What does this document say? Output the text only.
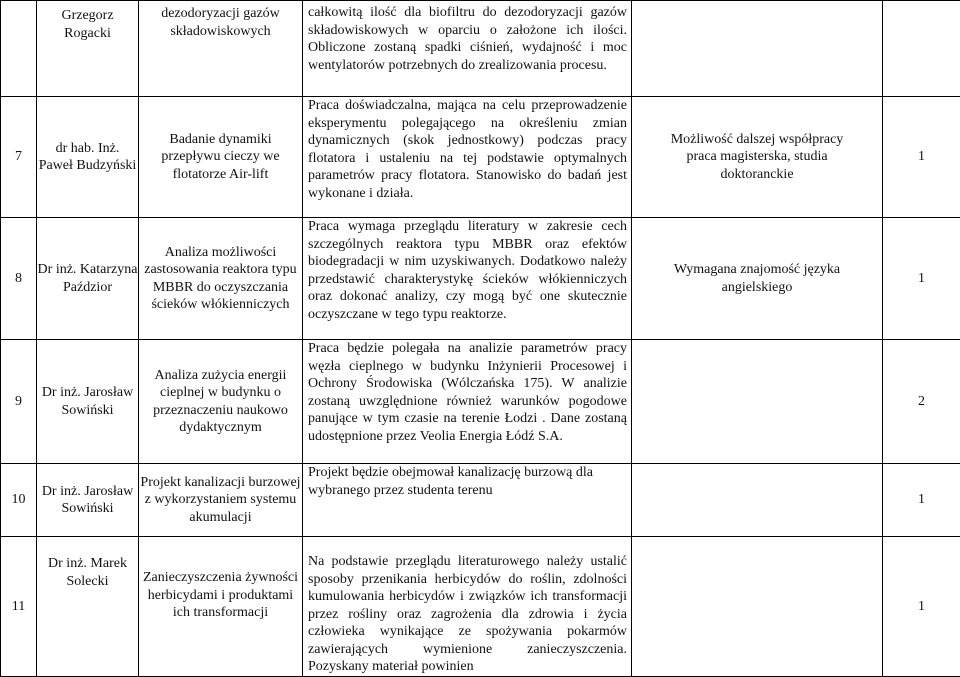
	Grzegorz Rogacki	dezodoryzacji gazów składowiskowych	całkowitą ilość dla biofiltru do dezodoryzacji gazów składowiskowych w oparciu o założone ich ilości. Obliczone zostaną spadki ciśnień, wydajność i moc wentylatorów potrzebnych do zrealizowania procesu.		

7	dr hab. Inż. Paweł Budzyński	Badanie dynamiki przepływu cieczy we flotatorze Air-lift	Praca doświadczalna, mająca na celu przeprowadzenie eksperymentu polegającego na określeniu zmian dynamicznych (skok jednostkowy) podczas pracy flotatora i ustaleniu na tej podstawie optymalnych parametrów pracy flotatora. Stanowisko do badań jest wykonane i działa.	Możliwość dalszej współpracy praca magisterska, studia doktoranckie	1
8	Dr inż. Katarzyna Paździor	Analiza możliwości zastosowania reaktora typu MBBR do oczyszczania ścieków włókienniczych	Praca wymaga przeglądu literatury w zakresie cech szczególnych reaktora typu MBBR oraz efektów biodegradacji w nim uzyskiwanych. Dodatkowo należy przedstawić charakterystykę ścieków włókienniczych oraz dokonać analizy, czy mogą być one skutecznie oczyszczane w tego typu reaktorze.	Wymagana znajomość języka angielskiego	1
9	Dr inż. Jarosław Sowiński	Analiza zużycia energii cieplnej w budynku o przeznaczeniu naukowo dydaktycznym	Praca będzie polegała na analizie parametrów pracy węzła cieplnego w budynku Inżynierii Procesowej i Ochrony Środowiska (Wólczańska 175). W analizie zostaną uwzględnione również warunków pogodowe panujące w tym czasie na terenie Łodzi . Dane zostaną udostępnione przez Veolia Energia Łódź S.A.		2
10	Dr inż. Jarosław Sowiński	Projekt kanalizacji burzowej z wykorzystaniem systemu akumulacji	Projekt będzie obejmował kanalizację burzową dla wybranego przez studenta terenu		1
11	Dr inż. Marek Solecki	Zanieczyszczenia żywności herbicydami i produktami ich transformacji	Na podstawie przeglądu literaturowego należy ustalić sposoby przenikania herbicydów do roślin, zdolności kumulowania herbicydów i związków ich transformacji przez rośliny oraz zagrożenia dla zdrowia i życia człowieka wynikające ze spożywania pokarmów zawierających wymienione zanieczyszczenia. Pozyskany materiał powinien		1
